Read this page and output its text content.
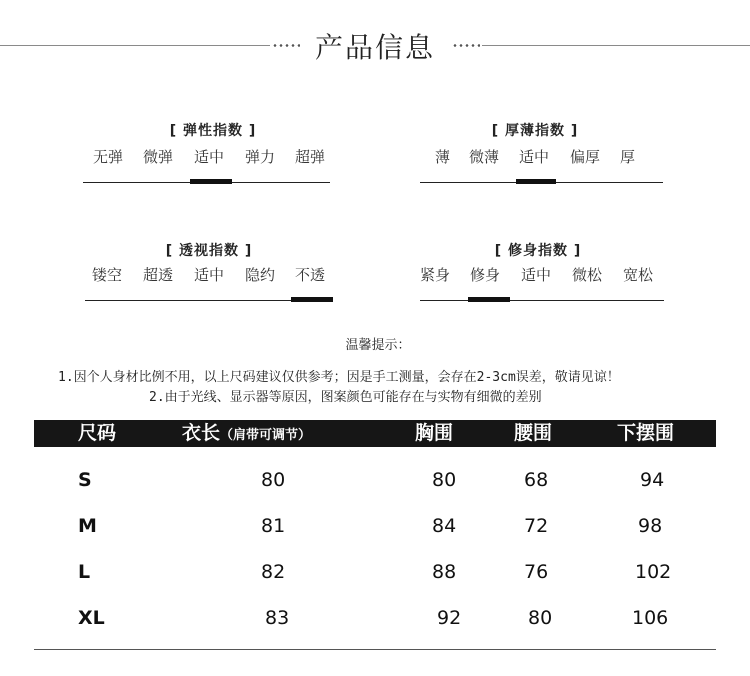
产品信息
[ 弹性指数 ]
无弹 微弹 适中 弹力 超弹
[ 厚薄指数 ]
薄 微薄 适中 偏厚 厚
[ 透视指数 ]
镂空 超透 适中 隐约 不透
[ 修身指数 ]
紧身 修身 适中 微松 宽松
温馨提示：
1.因个人身材比例不用，以上尺码建议仅供参考；因是手工测量，会存在2-3cm误差，敬请见谅！
2.由于光线、显示器等原因，图案颜色可能存在与实物有细微的差别
尺码	衣长（肩带可调节）	胸围	腰围	下摆围
S	80	80	68	94
M	81	84	72	98
L	82	88	76	102
XL	83	92	80	106
